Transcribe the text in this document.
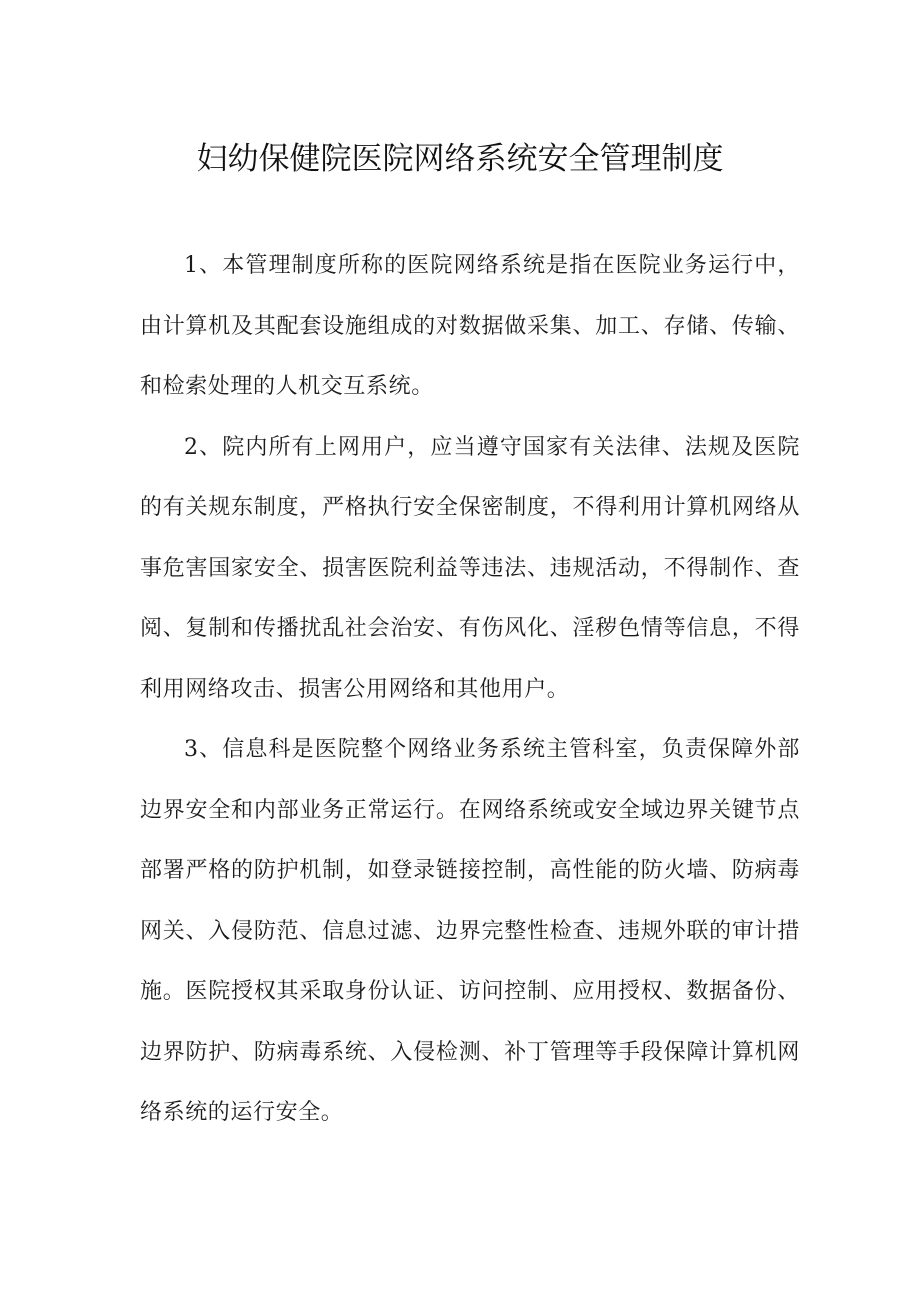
妇幼保健院医院网络系统安全管理制度

1、本管理制度所称的医院网络系统是指在医院业务运行中，由计算机及其配套设施组成的对数据做采集、加工、存储、传输、和检索处理的人机交互系统。

2、院内所有上网用户，应当遵守国家有关法律、法规及医院的有关规东制度，严格执行安全保密制度，不得利用计算机网络从事危害国家安全、损害医院利益等违法、违规活动，不得制作、查阅、复制和传播扰乱社会治安、有伤风化、淫秽色情等信息，不得利用网络攻击、损害公用网络和其他用户。

3、信息科是医院整个网络业务系统主管科室，负责保障外部边界安全和内部业务正常运行。在网络系统或安全域边界关键节点部署严格的防护机制，如登录链接控制，高性能的防火墙、防病毒网关、入侵防范、信息过滤、边界完整性检查、违规外联的审计措施。医院授权其采取身份认证、访问控制、应用授权、数据备份、边界防护、防病毒系统、入侵检测、补丁管理等手段保障计算机网络系统的运行安全。
